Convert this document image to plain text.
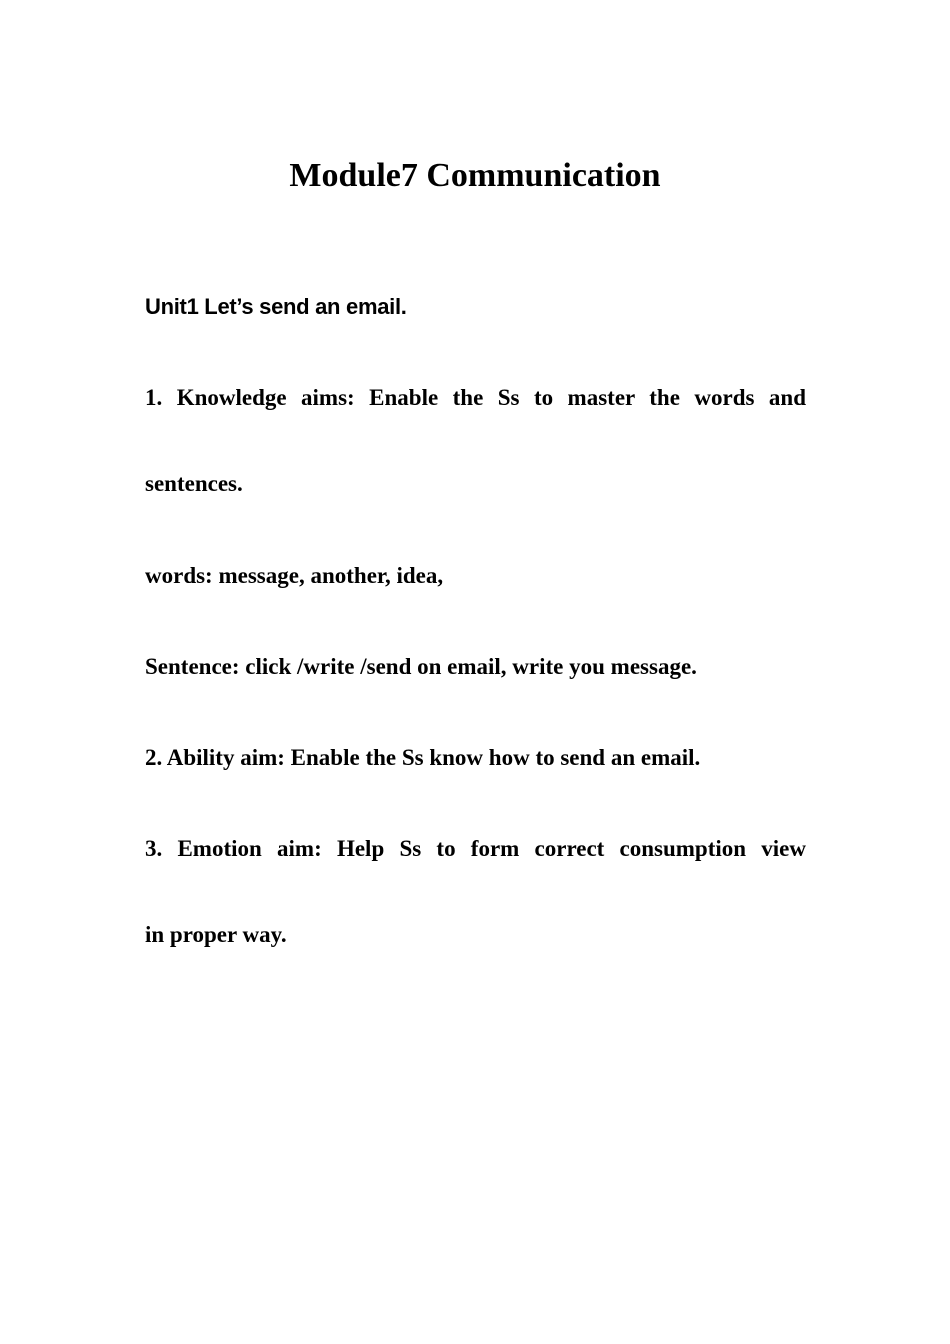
Module7 Communication

Unit1 Let’s send an email.

1. Knowledge aims: Enable the Ss to master the words and

sentences.

words: message, another, idea,

Sentence: click /write /send on email, write you message.

2. Ability aim: Enable the Ss know how to send an email.

3. Emotion aim: Help Ss to form correct consumption view

in proper way.
